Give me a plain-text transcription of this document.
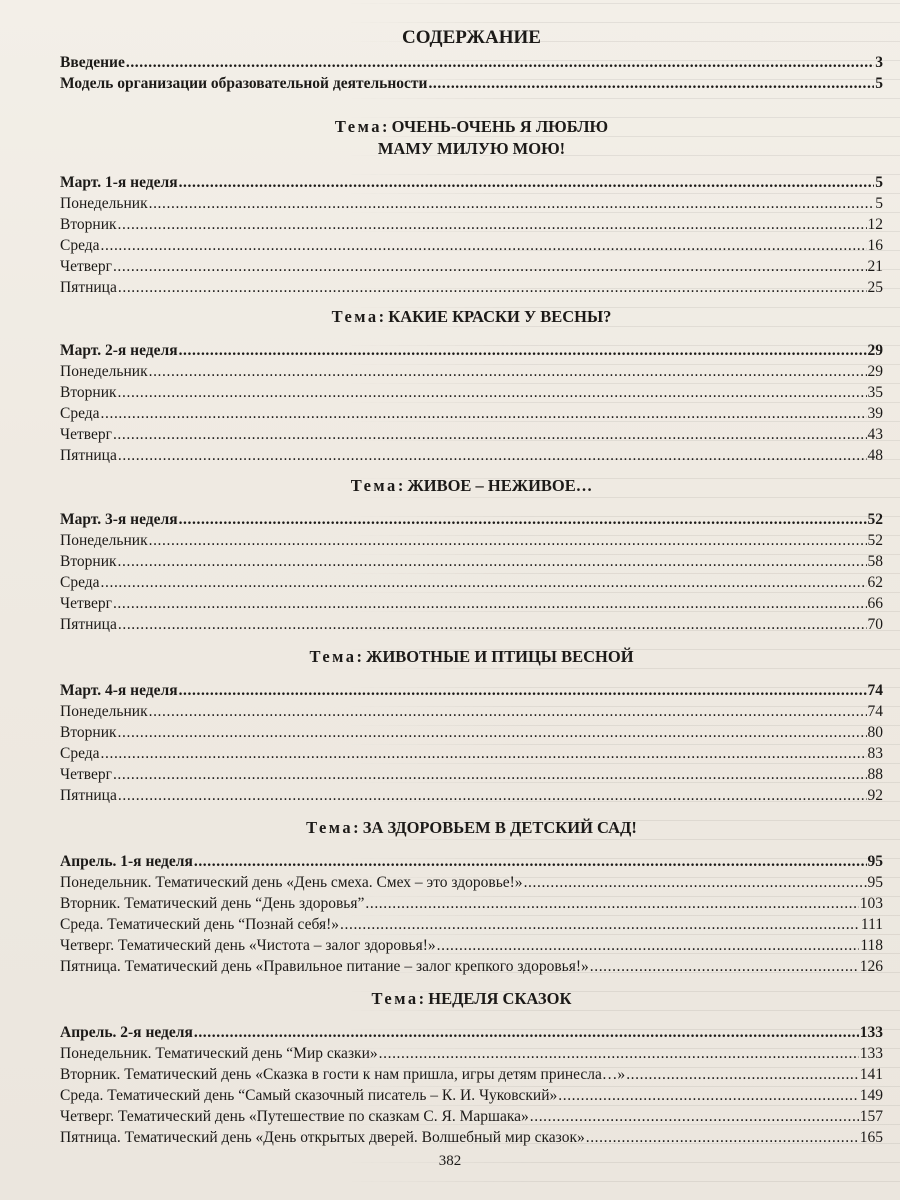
СОДЕРЖАНИЕ
Введение .....	3
Модель организации образовательной деятельности .....	5
Тема: ОЧЕНЬ-ОЧЕНЬ Я ЛЮБЛЮ
МАМУ МИЛУЮ МОЮ!
Март. 1-я неделя .....	5
Понедельник .....	5
Вторник .....	12
Среда .....	16
Четверг .....	21
Пятница .....	25
Тема: КАКИЕ КРАСКИ У ВЕСНЫ?
Март. 2-я неделя .....	29
Понедельник .....	29
Вторник .....	35
Среда .....	39
Четверг .....	43
Пятница .....	48
Тема: ЖИВОЕ – НЕЖИВОЕ…
Март. 3-я неделя .....	52
Понедельник .....	52
Вторник .....	58
Среда .....	62
Четверг .....	66
Пятница .....	70
Тема: ЖИВОТНЫЕ И ПТИЦЫ ВЕСНОЙ
Март. 4-я неделя .....	74
Понедельник .....	74
Вторник .....	80
Среда .....	83
Четверг .....	88
Пятница .....	92
Тема: ЗА ЗДОРОВЬЕМ В ДЕТСКИЙ САД!
Апрель. 1-я неделя .....	95
Понедельник. Тематический день «День смеха. Смех – это здоровье!» .....	95
Вторник. Тематический день “День здоровья” .....	103
Среда. Тематический день “Познай себя!» .....	111
Четверг. Тематический день «Чистота – залог здоровья!» .....	118
Пятница. Тематический день «Правильное питание – залог крепкого здоровья!» .....	126
Тема: НЕДЕЛЯ СКАЗОК
Апрель. 2-я неделя .....	133
Понедельник. Тематический день “Мир сказки» .....	133
Вторник. Тематический день «Сказка в гости к нам пришла, игры детям принесла…» .....	141
Среда. Тематический день “Самый сказочный писатель – К. И. Чуковский» .....	149
Четверг. Тематический день «Путешествие по сказкам С. Я. Маршака» .....	157
Пятница. Тематический день «День открытых дверей. Волшебный мир сказок» .....	165
382
